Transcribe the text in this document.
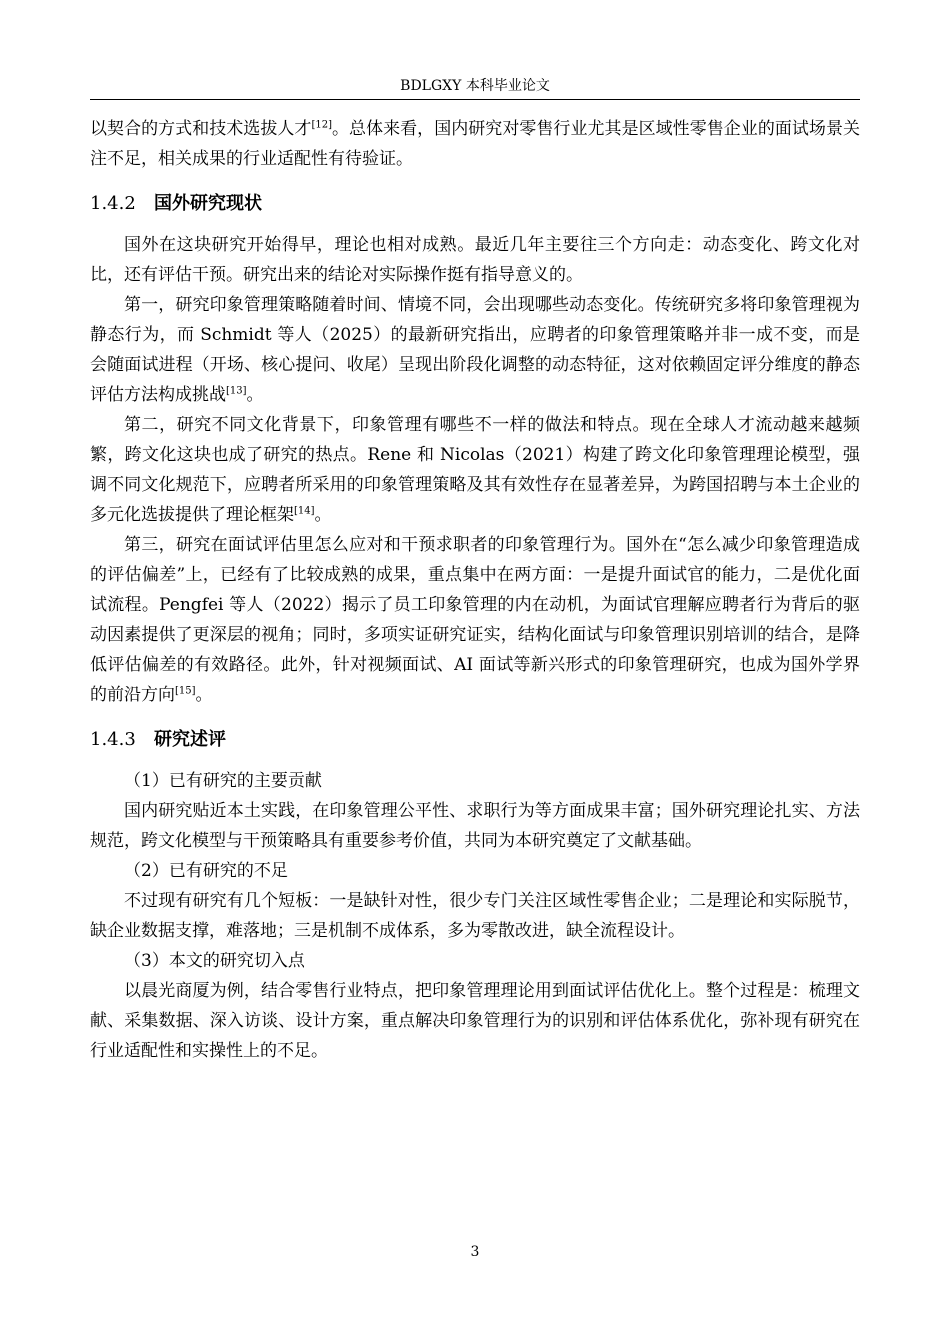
BDLGXY 本科毕业论文

以契合的方式和技术选拔人才[12]。总体来看，国内研究对零售行业尤其是区域性零售企业的面试场景关注不足，相关成果的行业适配性有待验证。

1.4.2 国外研究现状

国外在这块研究开始得早，理论也相对成熟。最近几年主要往三个方向走：动态变化、跨文化对比，还有评估干预。研究出来的结论对实际操作挺有指导意义的。

第一，研究印象管理策略随着时间、情境不同，会出现哪些动态变化。传统研究多将印象管理视为静态行为，而 Schmidt 等人（2025）的最新研究指出，应聘者的印象管理策略并非一成不变，而是会随面试进程（开场、核心提问、收尾）呈现出阶段化调整的动态特征，这对依赖固定评分维度的静态评估方法构成挑战[13]。

第二，研究不同文化背景下，印象管理有哪些不一样的做法和特点。现在全球人才流动越来越频繁，跨文化这块也成了研究的热点。Rene 和 Nicolas（2021）构建了跨文化印象管理理论模型，强调不同文化规范下，应聘者所采用的印象管理策略及其有效性存在显著差异，为跨国招聘与本土企业的多元化选拔提供了理论框架[14]。

第三，研究在面试评估里怎么应对和干预求职者的印象管理行为。国外在“怎么减少印象管理造成的评估偏差”上，已经有了比较成熟的成果，重点集中在两方面：一是提升面试官的能力，二是优化面试流程。Pengfei 等人（2022）揭示了员工印象管理的内在动机，为面试官理解应聘者行为背后的驱动因素提供了更深层的视角；同时，多项实证研究证实，结构化面试与印象管理识别培训的结合，是降低评估偏差的有效路径。此外，针对视频面试、AI 面试等新兴形式的印象管理研究，也成为国外学界的前沿方向[15]。

1.4.3 研究述评

（1）已有研究的主要贡献

国内研究贴近本土实践，在印象管理公平性、求职行为等方面成果丰富；国外研究理论扎实、方法规范，跨文化模型与干预策略具有重要参考价值，共同为本研究奠定了文献基础。

（2）已有研究的不足

不过现有研究有几个短板：一是缺针对性，很少专门关注区域性零售企业；二是理论和实际脱节，缺企业数据支撑，难落地；三是机制不成体系，多为零散改进，缺全流程设计。

（3）本文的研究切入点

以晨光商厦为例，结合零售行业特点，把印象管理理论用到面试评估优化上。整个过程是：梳理文献、采集数据、深入访谈、设计方案，重点解决印象管理行为的识别和评估体系优化，弥补现有研究在行业适配性和实操性上的不足。

3
